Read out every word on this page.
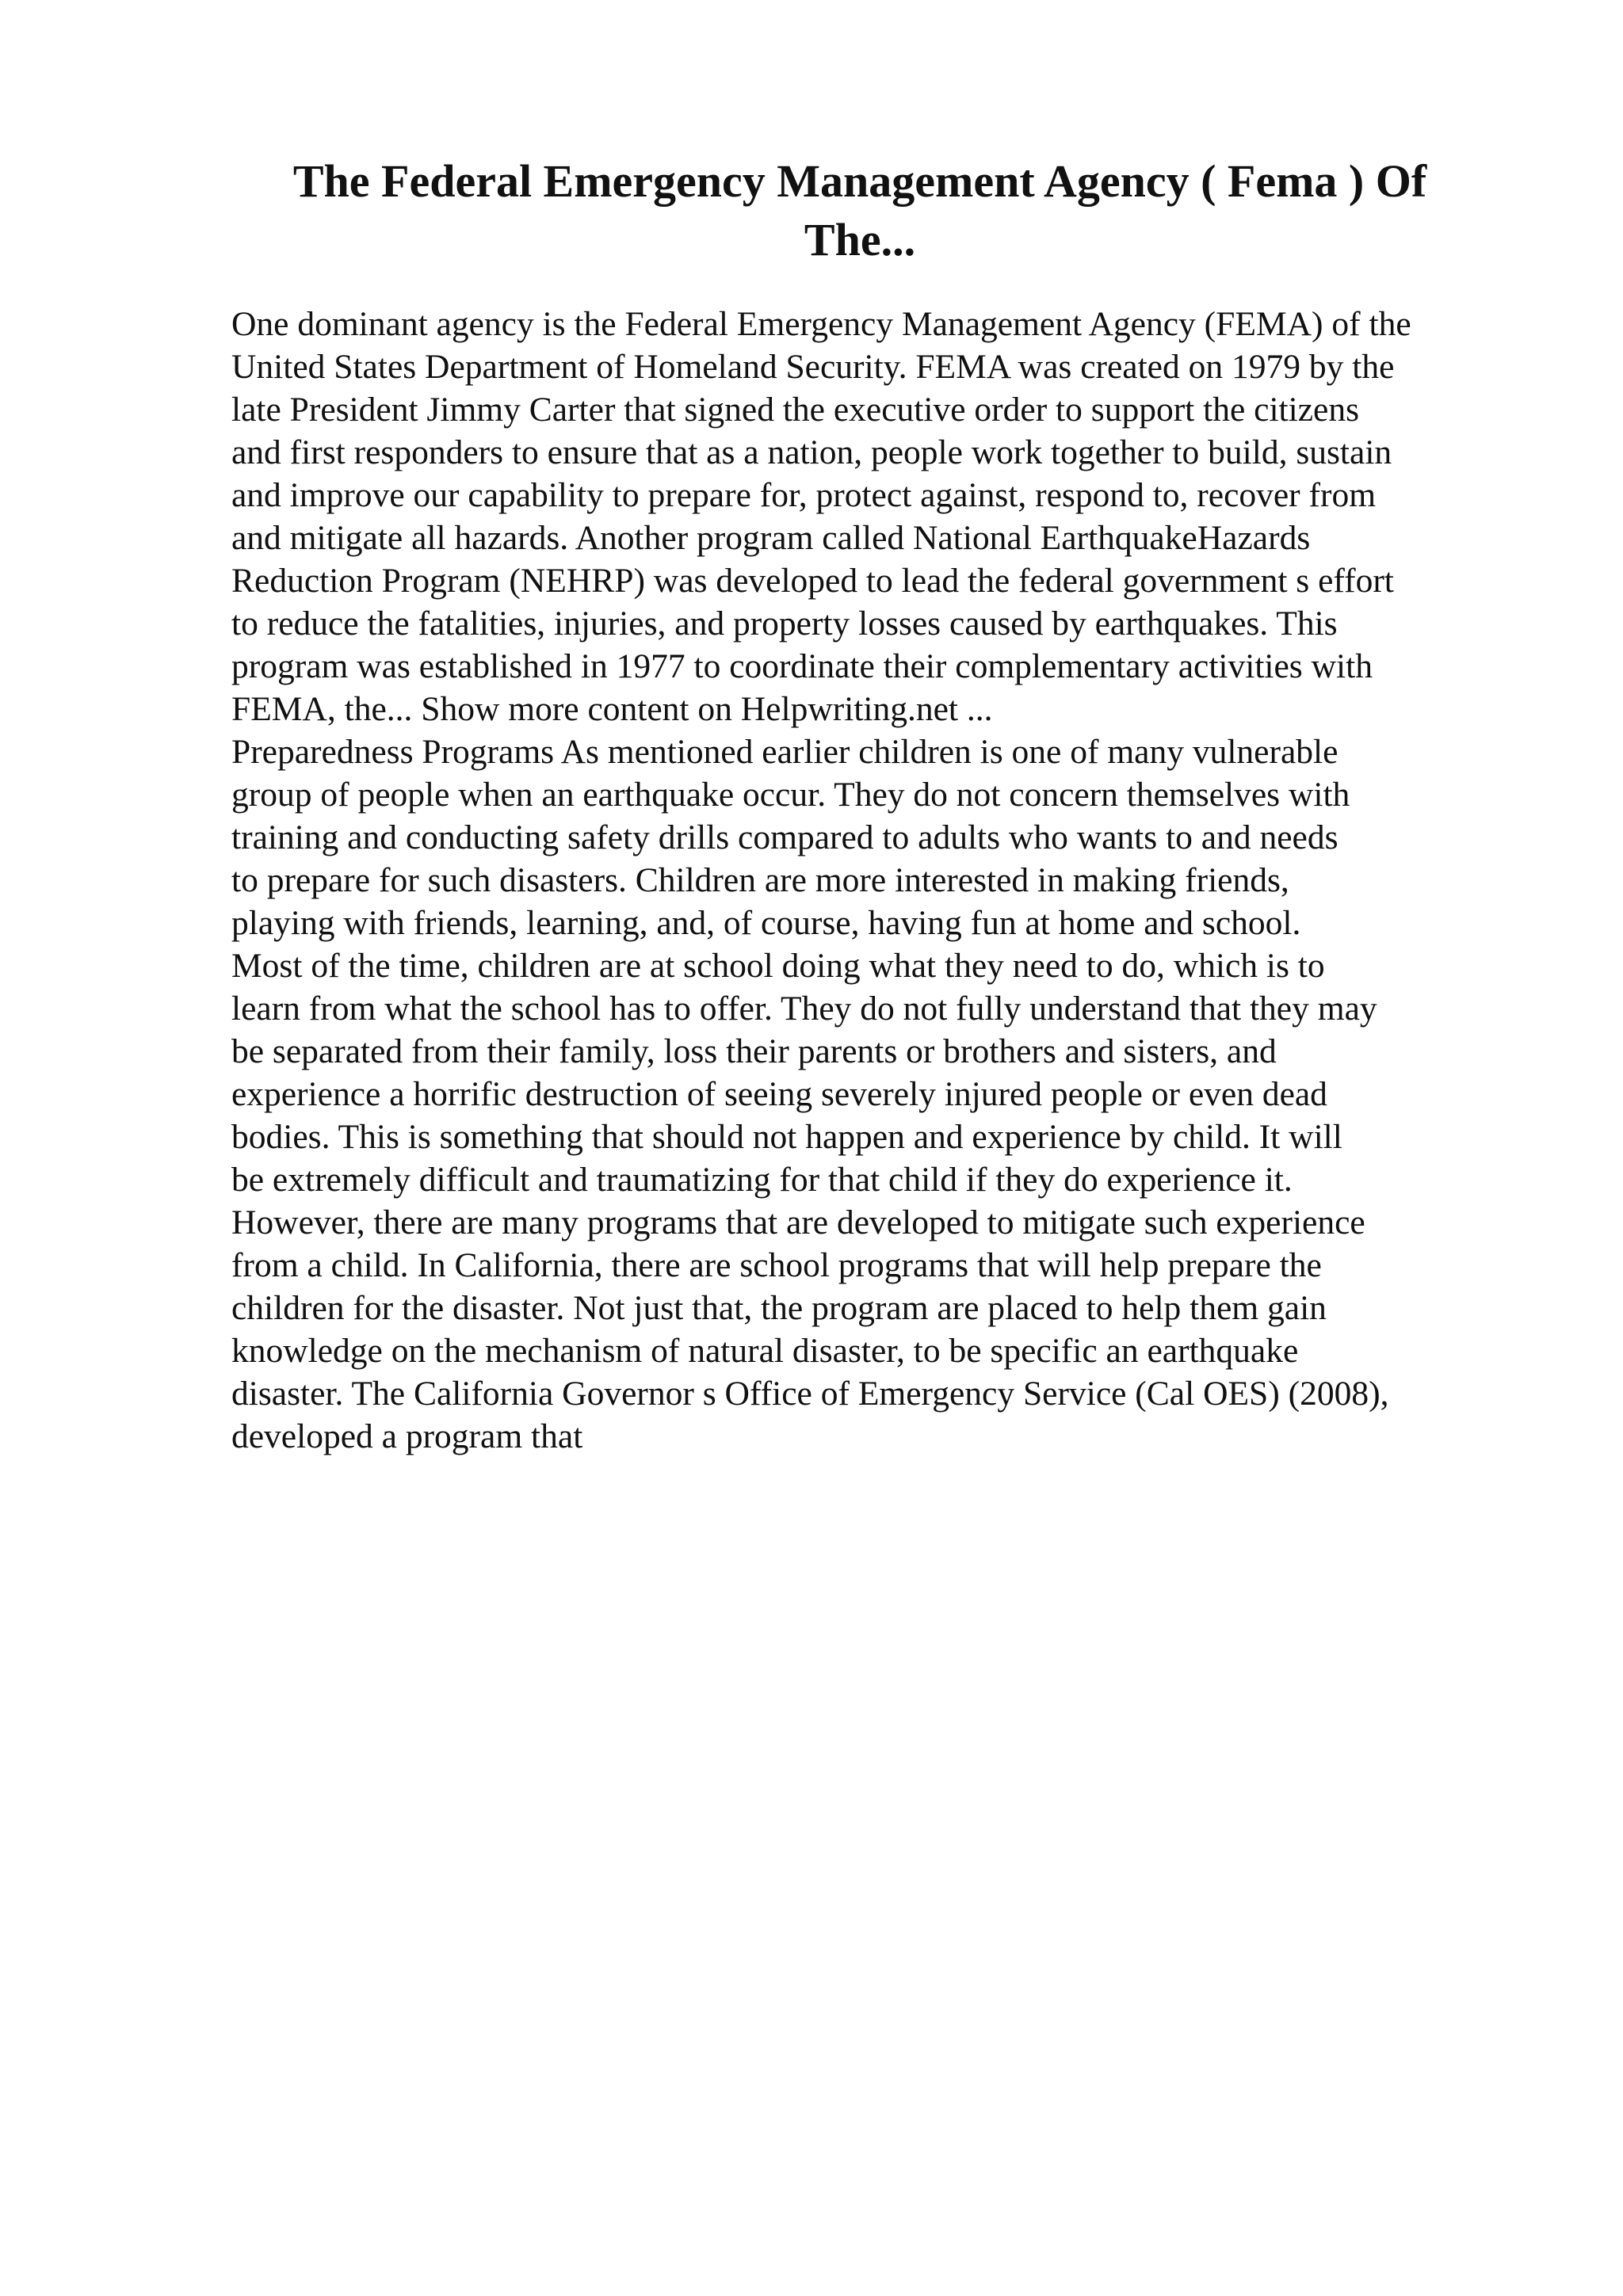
The Federal Emergency Management Agency ( Fema ) Of
The...
One dominant agency is the Federal Emergency Management Agency (FEMA) of the
United States Department of Homeland Security. FEMA was created on 1979 by the
late President Jimmy Carter that signed the executive order to support the citizens
and first responders to ensure that as a nation, people work together to build, sustain
and improve our capability to prepare for, protect against, respond to, recover from
and mitigate all hazards. Another program called National EarthquakeHazards
Reduction Program (NEHRP) was developed to lead the federal government s effort
to reduce the fatalities, injuries, and property losses caused by earthquakes. This
program was established in 1977 to coordinate their complementary activities with
FEMA, the... Show more content on Helpwriting.net ...
Preparedness Programs As mentioned earlier children is one of many vulnerable
group of people when an earthquake occur. They do not concern themselves with
training and conducting safety drills compared to adults who wants to and needs
to prepare for such disasters. Children are more interested in making friends,
playing with friends, learning, and, of course, having fun at home and school.
Most of the time, children are at school doing what they need to do, which is to
learn from what the school has to offer. They do not fully understand that they may
be separated from their family, loss their parents or brothers and sisters, and
experience a horrific destruction of seeing severely injured people or even dead
bodies. This is something that should not happen and experience by child. It will
be extremely difficult and traumatizing for that child if they do experience it.
However, there are many programs that are developed to mitigate such experience
from a child. In California, there are school programs that will help prepare the
children for the disaster. Not just that, the program are placed to help them gain
knowledge on the mechanism of natural disaster, to be specific an earthquake
disaster. The California Governor s Office of Emergency Service (Cal OES) (2008),
developed a program that
